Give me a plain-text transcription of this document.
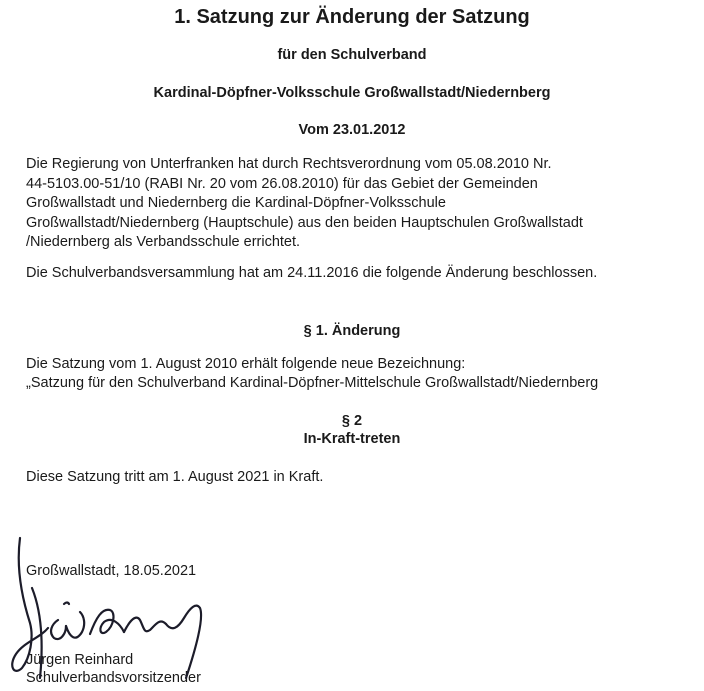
1. Satzung zur Änderung der Satzung
für den Schulverband
Kardinal-Döpfner-Volksschule Großwallstadt/Niedernberg
Vom 23.01.2012
Die Regierung von Unterfranken hat durch Rechtsverordnung vom 05.08.2010 Nr.
44-5103.00-51/10 (RABI Nr. 20 vom 26.08.2010) für das Gebiet der Gemeinden
Großwallstadt und Niedernberg die Kardinal-Döpfner-Volksschule
Großwallstadt/Niedernberg (Hauptschule) aus den beiden Hauptschulen Großwallstadt
/Niedernberg als Verbandsschule errichtet.
Die Schulverbandsversammlung hat am 24.11.2016 die folgende Änderung beschlossen.
§ 1. Änderung
Die Satzung vom 1. August 2010 erhält folgende neue Bezeichnung:
„Satzung für den Schulverband Kardinal-Döpfner-Mittelschule Großwallstadt/Niedernberg
§ 2
In-Kraft-treten
Diese Satzung tritt am 1. August 2021 in Kraft.
Großwallstadt, 18.05.2021
Jürgen Reinhard
Schulverbandsvorsitzender
